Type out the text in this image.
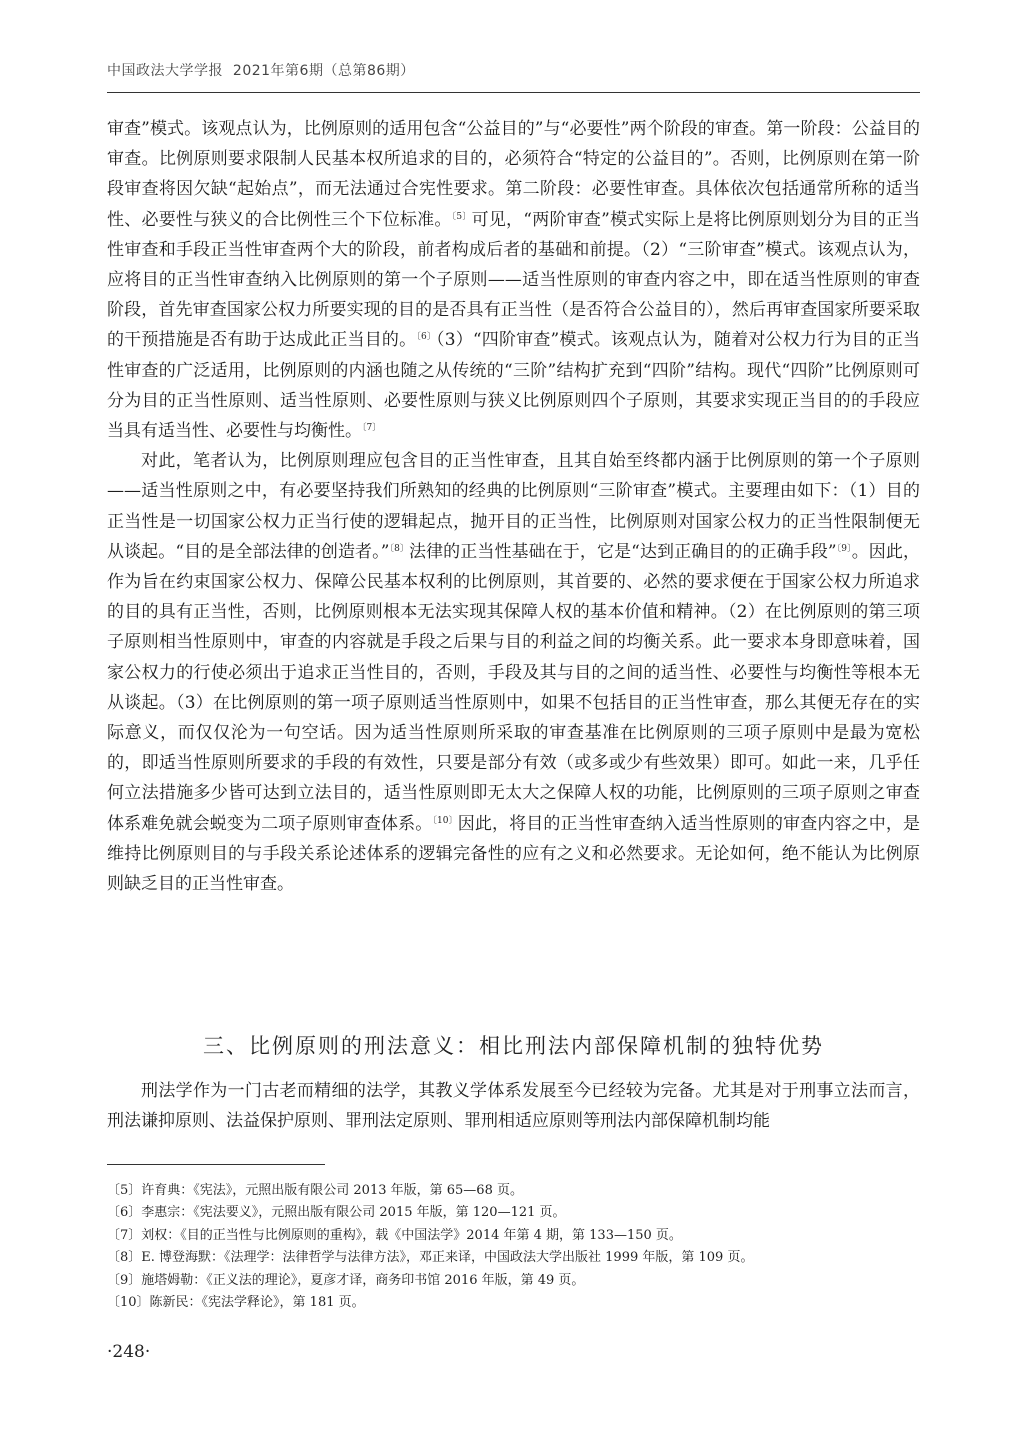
中国政法大学学报 2021年第6期（总第86期）

审查”模式。该观点认为，比例原则的适用包含“公益目的”与“必要性”两个阶段的审查。第一阶段：公益目的审查。比例原则要求限制人民基本权所追求的目的，必须符合“特定的公益目的”。否则，比例原则在第一阶段审查将因欠缺“起始点”，而无法通过合宪性要求。第二阶段：必要性审查。具体依次包括通常所称的适当性、必要性与狭义的合比例性三个下位标准。$^{〔5〕}$可见，“两阶审查”模式实际上是将比例原则划分为目的正当性审查和手段正当性审查两个大的阶段，前者构成后者的基础和前提。（2）“三阶审查”模式。该观点认为，应将目的正当性审查纳入比例原则的第一个子原则——适当性原则的审查内容之中，即在适当性原则的审查阶段，首先审查国家公权力所要实现的目的是否具有正当性（是否符合公益目的），然后再审查国家所要采取的干预措施是否有助于达成此正当目的。$^{〔6〕}$（3）“四阶审查”模式。该观点认为，随着对公权力行为目的正当性审查的广泛适用，比例原则的内涵也随之从传统的“三阶”结构扩充到“四阶”结构。现代“四阶”比例原则可分为目的正当性原则、适当性原则、必要性原则与狭义比例原则四个子原则，其要求实现正当目的的手段应当具有适当性、必要性与均衡性。$^{〔7〕}$

对此，笔者认为，比例原则理应包含目的正当性审查，且其自始至终都内涵于比例原则的第一个子原则——适当性原则之中，有必要坚持我们所熟知的经典的比例原则“三阶审查”模式。主要理由如下：（1）目的正当性是一切国家公权力正当行使的逻辑起点，抛开目的正当性，比例原则对国家公权力的正当性限制便无从谈起。“目的是全部法律的创造者。”$^{〔8〕}$法律的正当性基础在于，它是“达到正确目的的正确手段”$^{〔9〕}$。因此，作为旨在约束国家公权力、保障公民基本权利的比例原则，其首要的、必然的要求便在于国家公权力所追求的目的具有正当性，否则，比例原则根本无法实现其保障人权的基本价值和精神。（2）在比例原则的第三项子原则相当性原则中，审查的内容就是手段之后果与目的利益之间的均衡关系。此一要求本身即意味着，国家公权力的行使必须出于追求正当性目的，否则，手段及其与目的之间的适当性、必要性与均衡性等根本无从谈起。（3）在比例原则的第一项子原则适当性原则中，如果不包括目的正当性审查，那么其便无存在的实际意义，而仅仅沦为一句空话。因为适当性原则所采取的审查基准在比例原则的三项子原则中是最为宽松的，即适当性原则所要求的手段的有效性，只要是部分有效（或多或少有些效果）即可。如此一来，几乎任何立法措施多少皆可达到立法目的，适当性原则即无太大之保障人权的功能，比例原则的三项子原则之审查体系难免就会蜕变为二项子原则审查体系。$^{〔10〕}$因此，将目的正当性审查纳入适当性原则的审查内容之中，是维持比例原则目的与手段关系论述体系的逻辑完备性的应有之义和必然要求。无论如何，绝不能认为比例原则缺乏目的正当性审查。

三、比例原则的刑法意义：相比刑法内部保障机制的独特优势

刑法学作为一门古老而精细的法学，其教义学体系发展至今已经较为完备。尤其是对于刑事立法而言，刑法谦抑原则、法益保护原则、罪刑法定原则、罪刑相适应原则等刑法内部保障机制均能

〔5〕许育典：《宪法》，元照出版有限公司 2013 年版，第 65—68 页。
〔6〕李惠宗：《宪法要义》，元照出版有限公司 2015 年版，第 120—121 页。
〔7〕刘权：《目的正当性与比例原则的重构》，载《中国法学》2014 年第 4 期，第 133—150 页。
〔8〕E. 博登海默：《法理学：法律哲学与法律方法》，邓正来译，中国政法大学出版社 1999 年版，第 109 页。
〔9〕施塔姆勒：《正义法的理论》，夏彦才译，商务印书馆 2016 年版，第 49 页。
〔10〕陈新民：《宪法学释论》，第 181 页。
·248·
